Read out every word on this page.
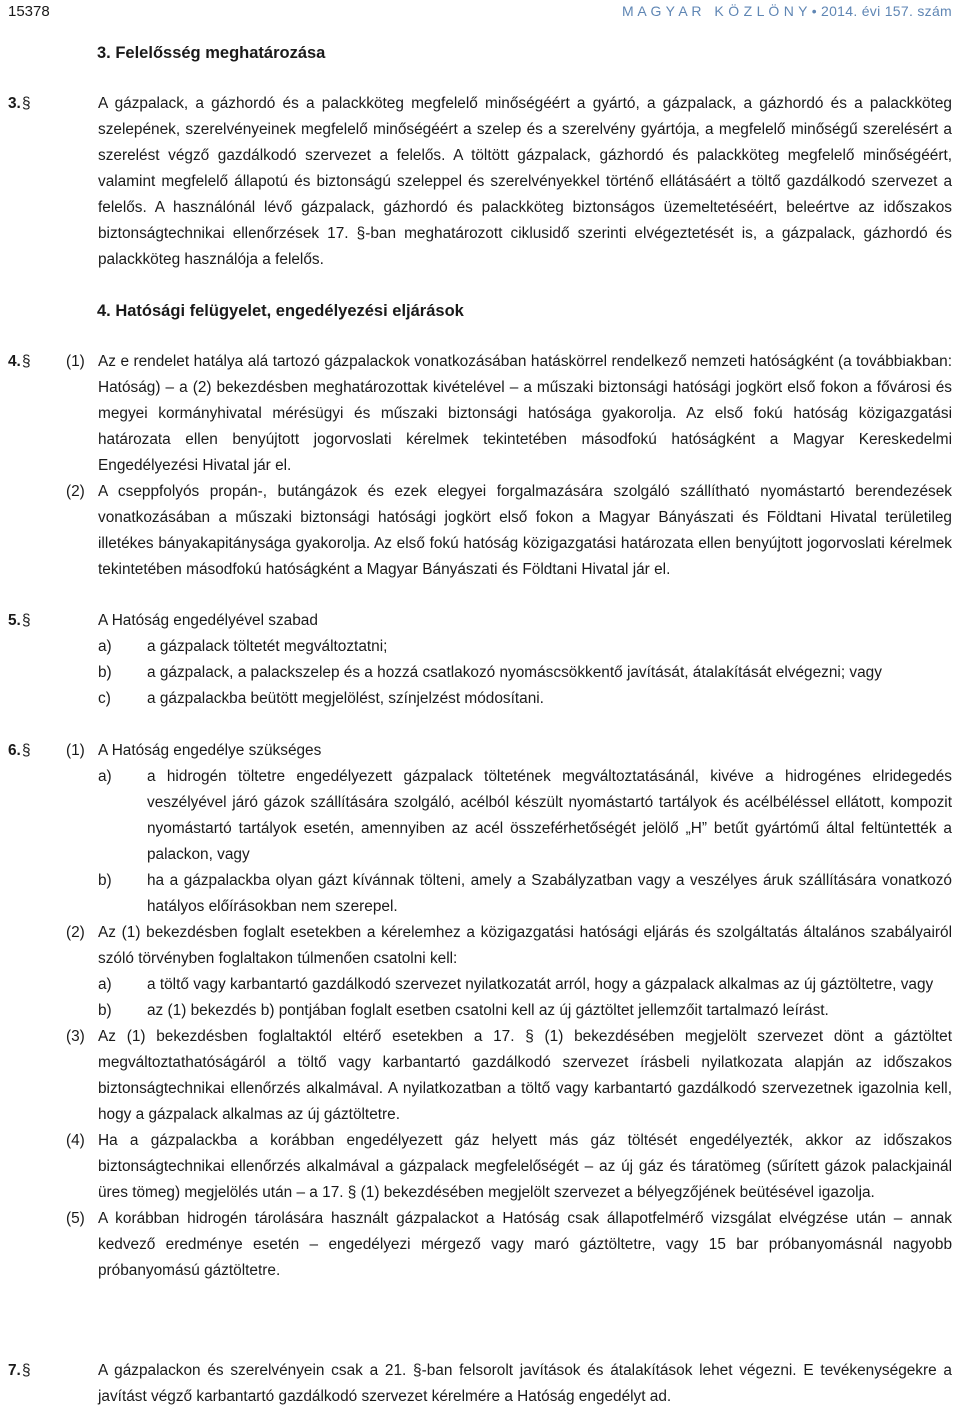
15378	M A G Y A R   K Ö Z L Ö N Y • 2014. évi 157. szám
3. Felelősség meghatározása
3. §	A gázpalack, a gázhordó és a palackköteg megfelelő minőségéért a gyártó, a gázpalack, a gázhordó és a palackköteg szelepének, szerelvényeinek megfelelő minőségéért a szelep és a szerelvény gyártója, a megfelelő minőségű szerelésért a szerelést végző gazdálkodó szervezet a felelős. A töltött gázpalack, gázhordó és palackköteg megfelelő minőségéért, valamint megfelelő állapotú és biztonságú szeleppel és szerelvényekkel történő ellátásáért a töltő gazdálkodó szervezet a felelős. A használónál lévő gázpalack, gázhordó és palackköteg biztonságos üzemeltetéséért, beleértve az időszakos biztonságtechnikai ellenőrzések 17. §-ban meghatározott ciklusidő szerinti elvégeztetését is, a gázpalack, gázhordó és palackköteg használója a felelős.
4. Hatósági felügyelet, engedélyezési eljárások
4. § (1) Az e rendelet hatálya alá tartozó gázpalackok vonatkozásában hatáskörrel rendelkező nemzeti hatóságként (a továbbiakban: Hatóság) – a (2) bekezdésben meghatározottak kivételével – a műszaki biztonsági hatósági jogkört első fokon a fővárosi és megyei kormányhivatal mérésügyi és műszaki biztonsági hatósága gyakorolja. Az első fokú hatóság közigazgatási határozata ellen benyújtott jogorvoslati kérelmek tekintetében másodfokú hatóságként a Magyar Kereskedelmi Engedélyezési Hivatal jár el.
(2) A cseppfolyós propán-, butángázok és ezek elegyei forgalmazására szolgáló szállítható nyomástartó berendezések vonatkozásában a műszaki biztonsági hatósági jogkört első fokon a Magyar Bányászati és Földtani Hivatal területileg illetékes bányakapitánysága gyakorolja. Az első fokú hatóság közigazgatási határozata ellen benyújtott jogorvoslati kérelmek tekintetében másodfokú hatóságként a Magyar Bányászati és Földtani Hivatal jár el.
5. §	A Hatóság engedélyével szabad
a) a gázpalack töltetét megváltoztatni;
b) a gázpalack, a palackszelep és a hozzá csatlakozó nyomáscsökkentő javítását, átalakítását elvégezni; vagy
c) a gázpalackba beütött megjelölést, színjelzést módosítani.
6. § (1) A Hatóság engedélye szükséges
a) a hidrogén töltetre engedélyezett gázpalack töltetének megváltoztatásánál, kivéve a hidrogénes elridegedés veszélyével járó gázok szállítására szolgáló, acélból készült nyomástartó tartályok és acélbéléssel ellátott, kompozit nyomástartó tartályok esetén, amennyiben az acél összeférhetőségét jelölő „H” betűt gyártómű által feltüntették a palackon, vagy
b) ha a gázpalackba olyan gázt kívánnak tölteni, amely a Szabályzatban vagy a veszélyes áruk szállítására vonatkozó hatályos előírásokban nem szerepel.
(2) Az (1) bekezdésben foglalt esetekben a kérelemhez a közigazgatási hatósági eljárás és szolgáltatás általános szabályairól szóló törvényben foglaltakon túlmenően csatolni kell:
a) a töltő vagy karbantartó gazdálkodó szervezet nyilatkozatát arról, hogy a gázpalack alkalmas az új gáztöltetre, vagy
b) az (1) bekezdés b) pontjában foglalt esetben csatolni kell az új gáztöltet jellemzőit tartalmazó leírást.
(3) Az (1) bekezdésben foglaltaktól eltérő esetekben a 17. § (1) bekezdésében megjelölt szervezet dönt a gáztöltet megváltoztathatóságáról a töltő vagy karbantartó gazdálkodó szervezet írásbeli nyilatkozata alapján az időszakos biztonságtechnikai ellenőrzés alkalmával. A nyilatkozatban a töltő vagy karbantartó gazdálkodó szervezetnek igazolnia kell, hogy a gázpalack alkalmas az új gáztöltetre.
(4) Ha a gázpalackba a korábban engedélyezett gáz helyett más gáz töltését engedélyezték, akkor az időszakos biztonságtechnikai ellenőrzés alkalmával a gázpalack megfelelőségét – az új gáz és táratömeg (sűrített gázok palackjainál üres tömeg) megjelölés után – a 17. § (1) bekezdésében megjelölt szervezet a bélyegzőjének beütésével igazolja.
(5) A korábban hidrogén tárolására használt gázpalackot a Hatóság csak állapotfelmérő vizsgálat elvégzése után – annak kedvező eredménye esetén – engedélyezi mérgező vagy maró gáztöltetre, vagy 15 bar próbanyomásnál nagyobb próbanyomású gáztöltetre.
7. §	A gázpalackon és szerelvényein csak a 21. §-ban felsorolt javítások és átalakítások lehet végezni. E tevékenységekre a javítást végző karbantartó gazdálkodó szervezet kérelmére a Hatóság engedélyt ad.
